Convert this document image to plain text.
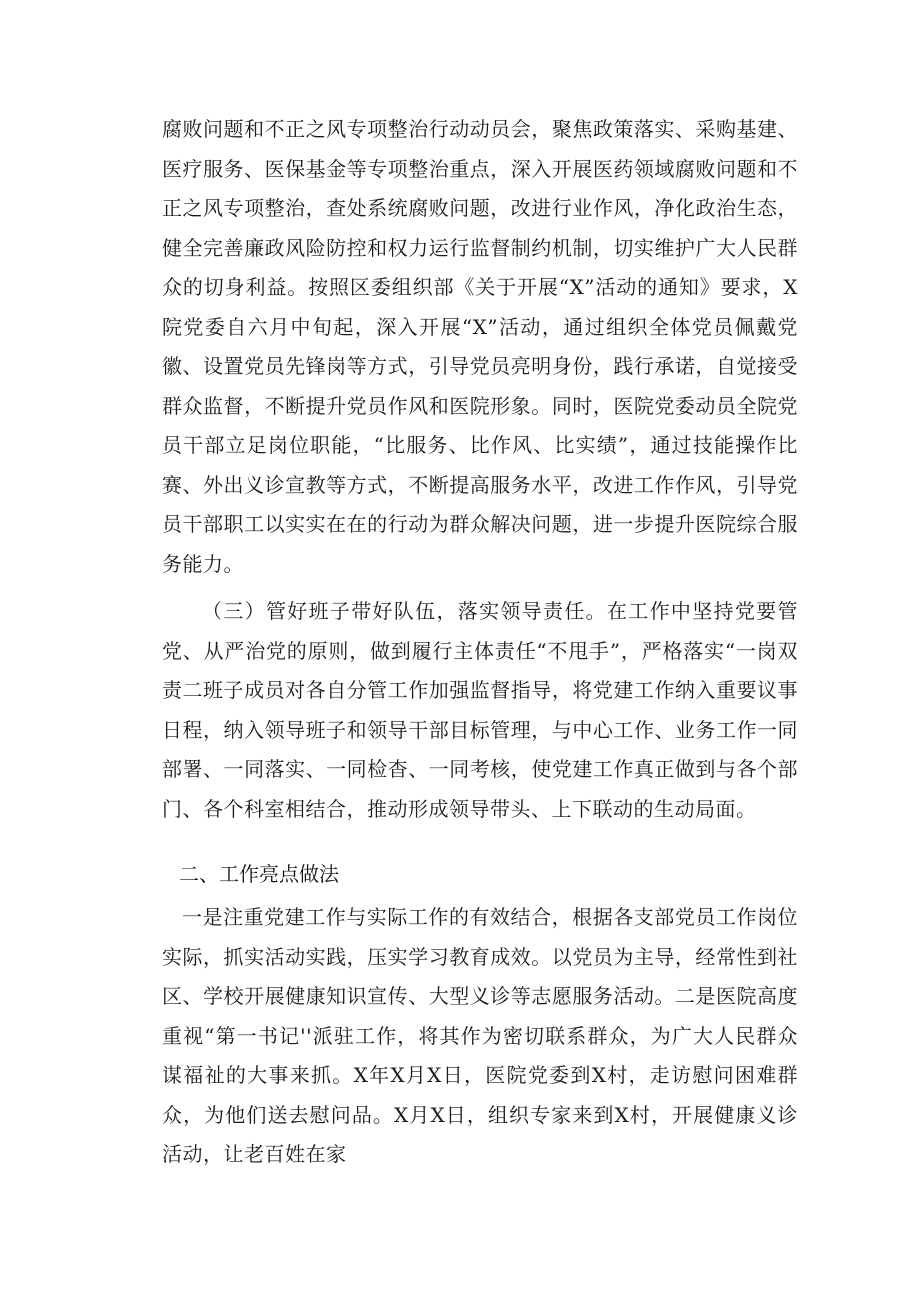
腐败问题和不正之风专项整治行动动员会，聚焦政策落实、采购基建、医疗服务、医保基金等专项整治重点，深入开展医药领域腐败问题和不正之风专项整治，查处系统腐败问题，改进行业作风，净化政治生态，健全完善廉政风险防控和权力运行监督制约机制，切实维护广大人民群众的切身利益。按照区委组织部《关于开展“X”活动的通知》要求，X院党委自六月中旬起，深入开展“X”活动，通过组织全体党员佩戴党徽、设置党员先锋岗等方式，引导党员亮明身份，践行承诺，自觉接受群众监督，不断提升党员作风和医院形象。同时，医院党委动员全院党员干部立足岗位职能，“比服务、比作风、比实绩”，通过技能操作比赛、外出义诊宣教等方式，不断提高服务水平，改进工作作风，引导党员干部职工以实实在在的行动为群众解决问题，进一步提升医院综合服务能力。

（三）管好班子带好队伍，落实领导责任。在工作中坚持党要管党、从严治党的原则，做到履行主体责任“不甩手”，严格落实“一岗双责二班子成员对各自分管工作加强监督指导，将党建工作纳入重要议事日程，纳入领导班子和领导干部目标管理，与中心工作、业务工作一同部署、一同落实、一同检杳、一同考核，使党建工作真正做到与各个部门、各个科室相结合，推动形成领导带头、上下联动的生动局面。

二、工作亮点做法

一是注重党建工作与实际工作的有效结合，根据各支部党员工作岗位实际，抓实活动实践，压实学习教育成效。以党员为主导，经常性到社区、学校开展健康知识宣传、大型义诊等志愿服务活动。二是医院高度重视“第一书记''派驻工作，将其作为密切联系群众，为广大人民群众谋福祉的大事来抓。X年X月X日，医院党委到X村，走访慰问困难群众，为他们送去慰问品。X月X日，组织专家来到X村，开展健康义诊活动，让老百姓在家
